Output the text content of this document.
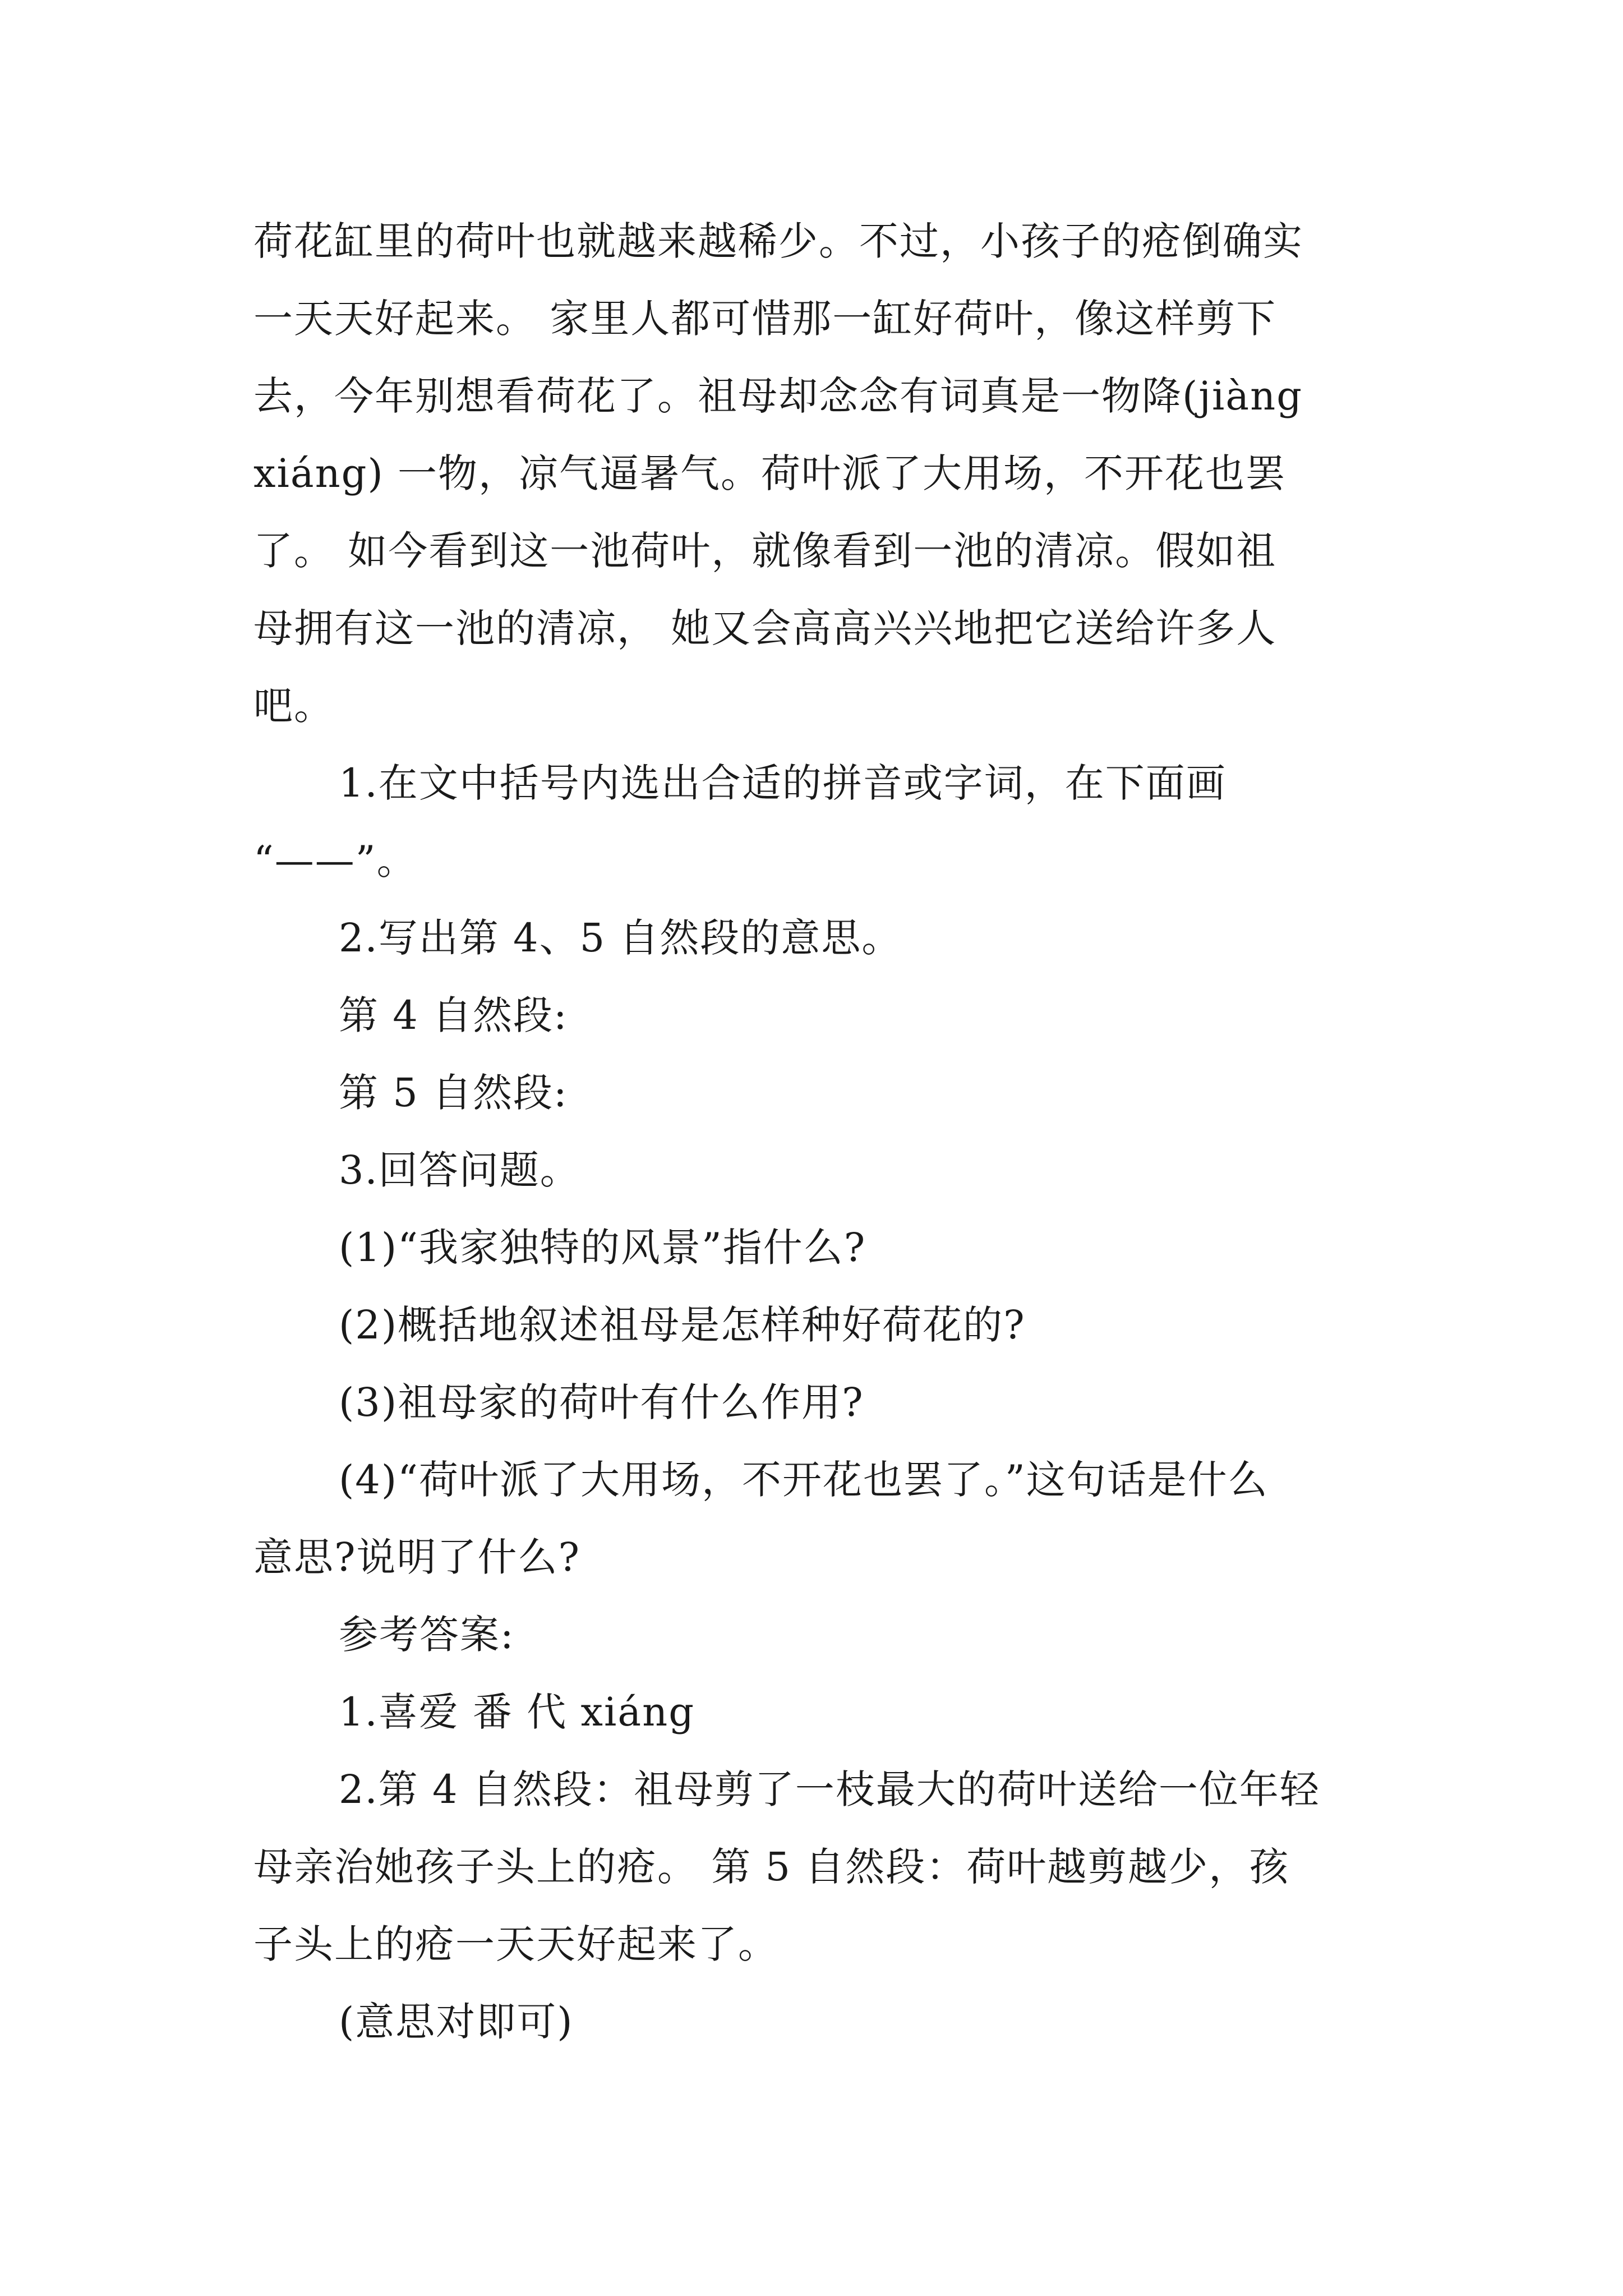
荷花缸里的荷叶也就越来越稀少。不过，小孩子的疮倒确实
一天天好起来。 家里人都可惜那一缸好荷叶，像这样剪下
去，今年别想看荷花了。祖母却念念有词真是一物降(jiàng
xiáng) 一物，凉气逼暑气。荷叶派了大用场，不开花也罢
了。 如今看到这一池荷叶，就像看到一池的清凉。假如祖
母拥有这一池的清凉， 她又会高高兴兴地把它送给许多人
吧。
1.在文中括号内选出合适的拼音或字词，在下面画
“——”。
2.写出第 4、5 自然段的意思。
第 4 自然段:
第 5 自然段:
3.回答问题。
(1)“我家独特的风景”指什么?
(2)概括地叙述祖母是怎样种好荷花的?
(3)祖母家的荷叶有什么作用?
(4)“荷叶派了大用场，不开花也罢了。”这句话是什么
意思?说明了什么?
参考答案:
1.喜爱 番 代 xiáng
2.第 4 自然段：祖母剪了一枝最大的荷叶送给一位年轻
母亲治她孩子头上的疮。 第 5 自然段：荷叶越剪越少，孩
子头上的疮一天天好起来了。
(意思对即可)
